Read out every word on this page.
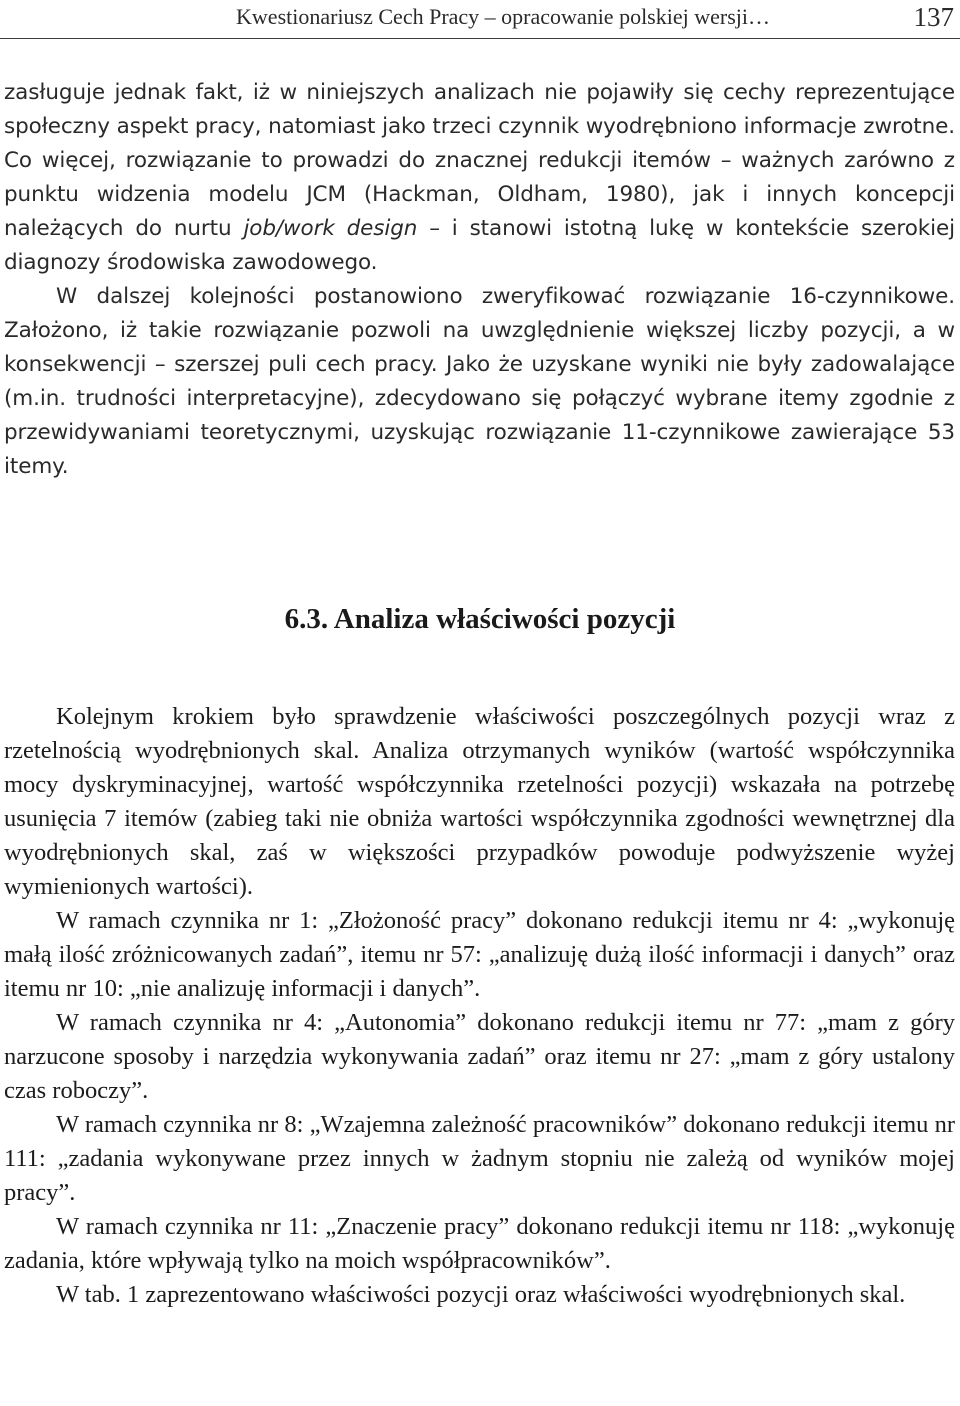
Kwestionariusz Cech Pracy – opracowanie polskiej wersji…	137

zasługuje jednak fakt, iż w niniejszych analizach nie pojawiły się cechy reprezentujące społeczny aspekt pracy, natomiast jako trzeci czynnik wyodrębniono informacje zwrotne. Co więcej, rozwiązanie to prowadzi do znacznej redukcji itemów – ważnych zarówno z punktu widzenia modelu JCM (Hackman, Oldham, 1980), jak i innych koncepcji należących do nurtu job/work design – i stanowi istotną lukę w kontekście szerokiej diagnozy środowiska zawodowego.

W dalszej kolejności postanowiono zweryfikować rozwiązanie 16-czynnikowe. Założono, iż takie rozwiązanie pozwoli na uwzględnienie większej liczby pozycji, a w konsekwencji – szerszej puli cech pracy. Jako że uzyskane wyniki nie były zadowalające (m.in. trudności interpretacyjne), zdecydowano się połączyć wybrane itemy zgodnie z przewidywaniami teoretycznymi, uzyskując rozwiązanie 11-czynnikowe zawierające 53 itemy.

6.3. Analiza właściwości pozycji

Kolejnym krokiem było sprawdzenie właściwości poszczególnych pozycji wraz z rzetelnością wyodrębnionych skal. Analiza otrzymanych wyników (wartość współczynnika mocy dyskryminacyjnej, wartość współczynnika rzetelności pozycji) wskazała na potrzebę usunięcia 7 itemów (zabieg taki nie obniża wartości współczynnika zgodności wewnętrznej dla wyodrębnionych skal, zaś w większości przypadków powoduje podwyższenie wyżej wymienionych wartości).

W ramach czynnika nr 1: „Złożoność pracy” dokonano redukcji itemu nr 4: „wykonuję małą ilość zróżnicowanych zadań”, itemu nr 57: „analizuję dużą ilość informacji i danych” oraz itemu nr 10: „nie analizuję informacji i danych”.

W ramach czynnika nr 4: „Autonomia” dokonano redukcji itemu nr 77: „mam z góry narzucone sposoby i narzędzia wykonywania zadań” oraz itemu nr 27: „mam z góry ustalony czas roboczy”.

W ramach czynnika nr 8: „Wzajemna zależność pracowników” dokonano redukcji itemu nr 111: „zadania wykonywane przez innych w żadnym stopniu nie zależą od wyników mojej pracy”.

W ramach czynnika nr 11: „Znaczenie pracy” dokonano redukcji itemu nr 118: „wykonuję zadania, które wpływają tylko na moich współpracowników”.

W tab. 1 zaprezentowano właściwości pozycji oraz właściwości wyodrębnionych skal.
